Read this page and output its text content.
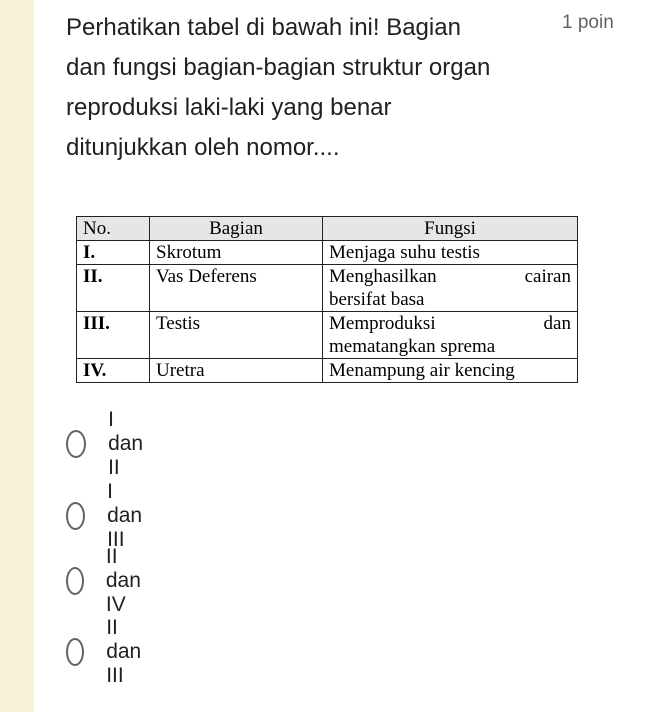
Perhatikan tabel di bawah ini! Bagian
dan fungsi bagian-bagian struktur organ
reproduksi laki-laki yang benar
ditunjukkan oleh nomor....
1 poin
No.	Bagian	Fungsi
I.	Skrotum	Menjaga suhu testis

II.	Vas Deferens	Menghasilkan cairan
bersifat basa

III.	Testis	Memproduksi dan
mematangkan sprema

IV.	Uretra	Menampung air kencing
I dan II
I dan III
II dan IV
II dan III
